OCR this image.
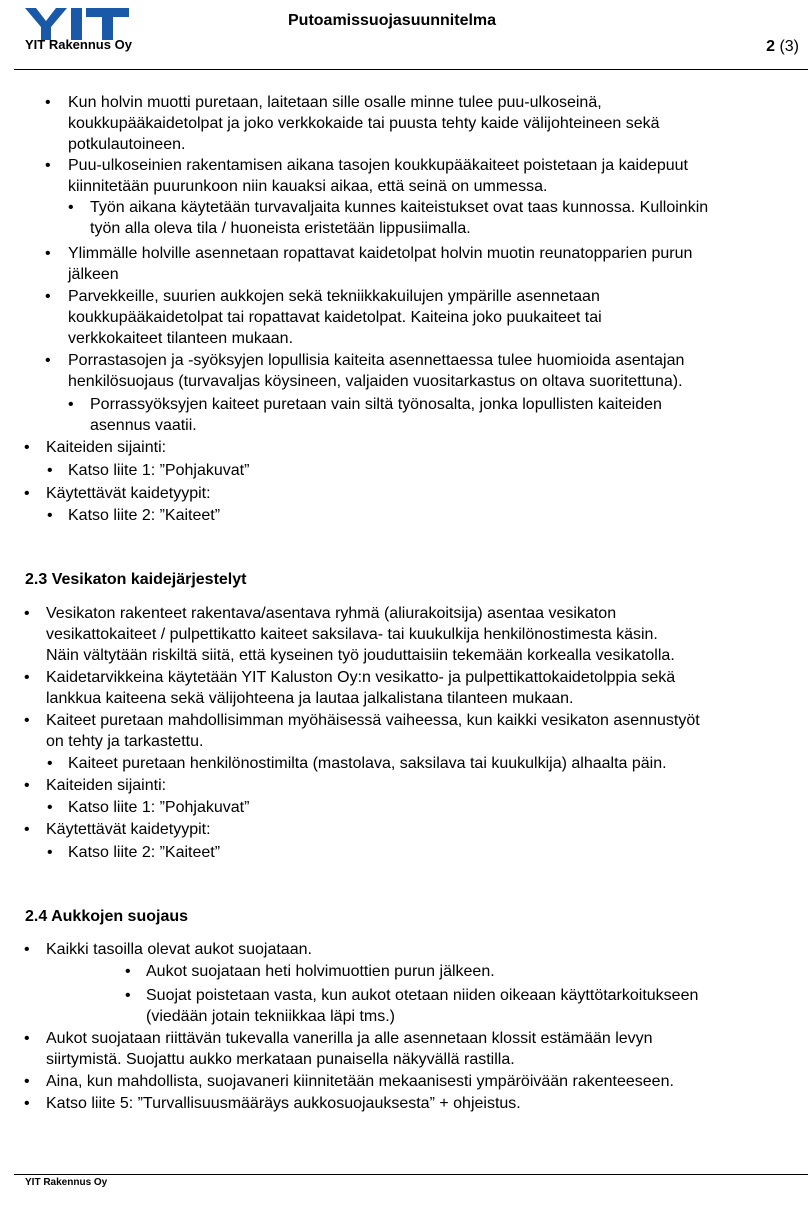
YIT Rakennus Oy
Putoamissuojasuunnitelma
2 (3)
• Kun holvin muotti puretaan, laitetaan sille osalle minne tulee puu-ulkoseinä,
koukkupääkaidetolpat ja joko verkkokaide tai puusta tehty kaide välijohteineen sekä
potkulautoineen.
• Puu-ulkoseinien rakentamisen aikana tasojen koukkupääkaiteet poistetaan ja kaidepuut
kiinnitetään puurunkoon niin kauaksi aikaa, että seinä on ummessa.
• Työn aikana käytetään turvavaljaita kunnes kaiteistukset ovat taas kunnossa. Kulloinkin
työn alla oleva tila / huoneista eristetään lippusiimalla.
• Ylimmälle holville asennetaan ropattavat kaidetolpat holvin muotin reunatopparien purun
jälkeen
• Parvekkeille, suurien aukkojen sekä tekniikkakuilujen ympärille asennetaan
koukkupääkaidetolpat tai ropattavat kaidetolpat. Kaiteina joko puukaiteet tai
verkkokaiteet tilanteen mukaan.
• Porrastasojen ja -syöksyjen lopullisia kaiteita asennettaessa tulee huomioida asentajan
henkilösuojaus (turvavaljas köysineen, valjaiden vuositarkastus on oltava suoritettuna).
• Porrassyöksyjen kaiteet puretaan vain siltä työnosalta, jonka lopullisten kaiteiden
asennus vaatii.
• Kaiteiden sijainti:
• Katso liite 1: ”Pohjakuvat”
• Käytettävät kaidetyypit:
• Katso liite 2: ”Kaiteet”
2.3 Vesikaton kaidejärjestelyt
• Vesikaton rakenteet rakentava/asentava ryhmä (aliurakoitsija) asentaa vesikaton
vesikattokaiteet / pulpettikatto kaiteet saksilava- tai kuukulkija henkilönostimesta käsin.
Näin vältytään riskiltä siitä, että kyseinen työ jouduttaisiin tekemään korkealla vesikatolla.
• Kaidetarvikkeina käytetään YIT Kaluston Oy:n vesikatto- ja pulpettikattokaidetolppia sekä
lankkua kaiteena sekä välijohteena ja lautaa jalkalistana tilanteen mukaan.
• Kaiteet puretaan mahdollisimman myöhäisessä vaiheessa, kun kaikki vesikaton asennustyöt
on tehty ja tarkastettu.
• Kaiteet puretaan henkilönostimilta (mastolava, saksilava tai kuukulkija) alhaalta päin.
• Kaiteiden sijainti:
• Katso liite 1: ”Pohjakuvat”
• Käytettävät kaidetyypit:
• Katso liite 2: ”Kaiteet”
2.4 Aukkojen suojaus
• Kaikki tasoilla olevat aukot suojataan.
• Aukot suojataan heti holvimuottien purun jälkeen.
• Suojat poistetaan vasta, kun aukot otetaan niiden oikeaan käyttötarkoitukseen
(viedään jotain tekniikkaa läpi tms.)
• Aukot suojataan riittävän tukevalla vanerilla ja alle asennetaan klossit estämään levyn
siirtymistä. Suojattu aukko merkataan punaisella näkyvällä rastilla.
• Aina, kun mahdollista, suojavaneri kiinnitetään mekaanisesti ympäröivään rakenteeseen.
• Katso liite 5: ”Turvallisuusmääräys aukkosuojauksesta” + ohjeistus.
YIT Rakennus Oy
